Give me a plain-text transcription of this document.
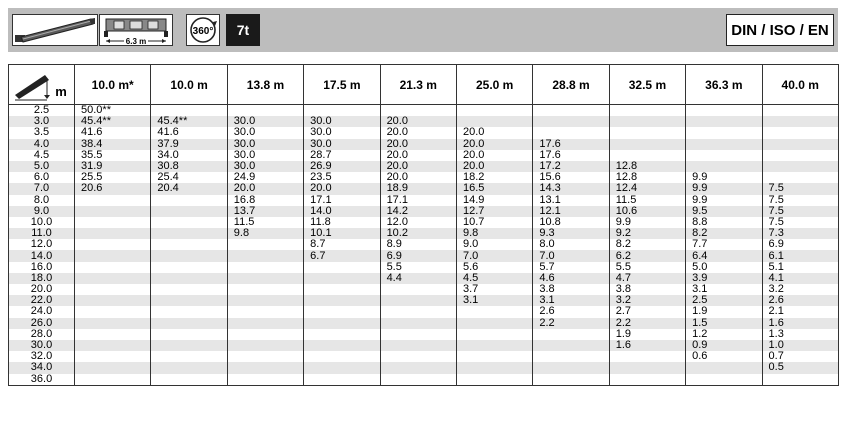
6.3 m
360°	7t	DIN / ISO / EN
m	10.0 m*	10.0 m	13.8 m	17.5 m	21.3 m	25.0 m	28.8 m	32.5 m	36.3 m	40.0 m
2.5	50.0**									
3.0	45.4**	45.4**	30.0	30.0	20.0					
3.5	41.6	41.6	30.0	30.0	20.0	20.0				
4.0	38.4	37.9	30.0	30.0	20.0	20.0	17.6			
4.5	35.5	34.0	30.0	28.7	20.0	20.0	17.6			
5.0	31.9	30.8	30.0	26.9	20.0	20.0	17.2	12.8		
6.0	25.5	25.4	24.9	23.5	20.0	18.2	15.6	12.8	9.9	
7.0	20.6	20.4	20.0	20.0	18.9	16.5	14.3	12.4	9.9	7.5
8.0			16.8	17.1	17.1	14.9	13.1	11.5	9.9	7.5
9.0			13.7	14.0	14.2	12.7	12.1	10.6	9.5	7.5
10.0			11.5	11.8	12.0	10.7	10.8	9.9	8.8	7.5
11.0			9.8	10.1	10.2	9.8	9.3	9.2	8.2	7.3
12.0				8.7	8.9	9.0	8.0	8.2	7.7	6.9
14.0				6.7	6.9	7.0	7.0	6.2	6.4	6.1
16.0					5.5	5.6	5.7	5.5	5.0	5.1
18.0					4.4	4.5	4.6	4.7	3.9	4.1
20.0						3.7	3.8	3.8	3.1	3.2
22.0						3.1	3.1	3.2	2.5	2.6
24.0							2.6	2.7	1.9	2.1
26.0							2.2	2.2	1.5	1.6
28.0								1.9	1.2	1.3
30.0								1.6	0.9	1.0
32.0									0.6	0.7
34.0										0.5
36.0										
